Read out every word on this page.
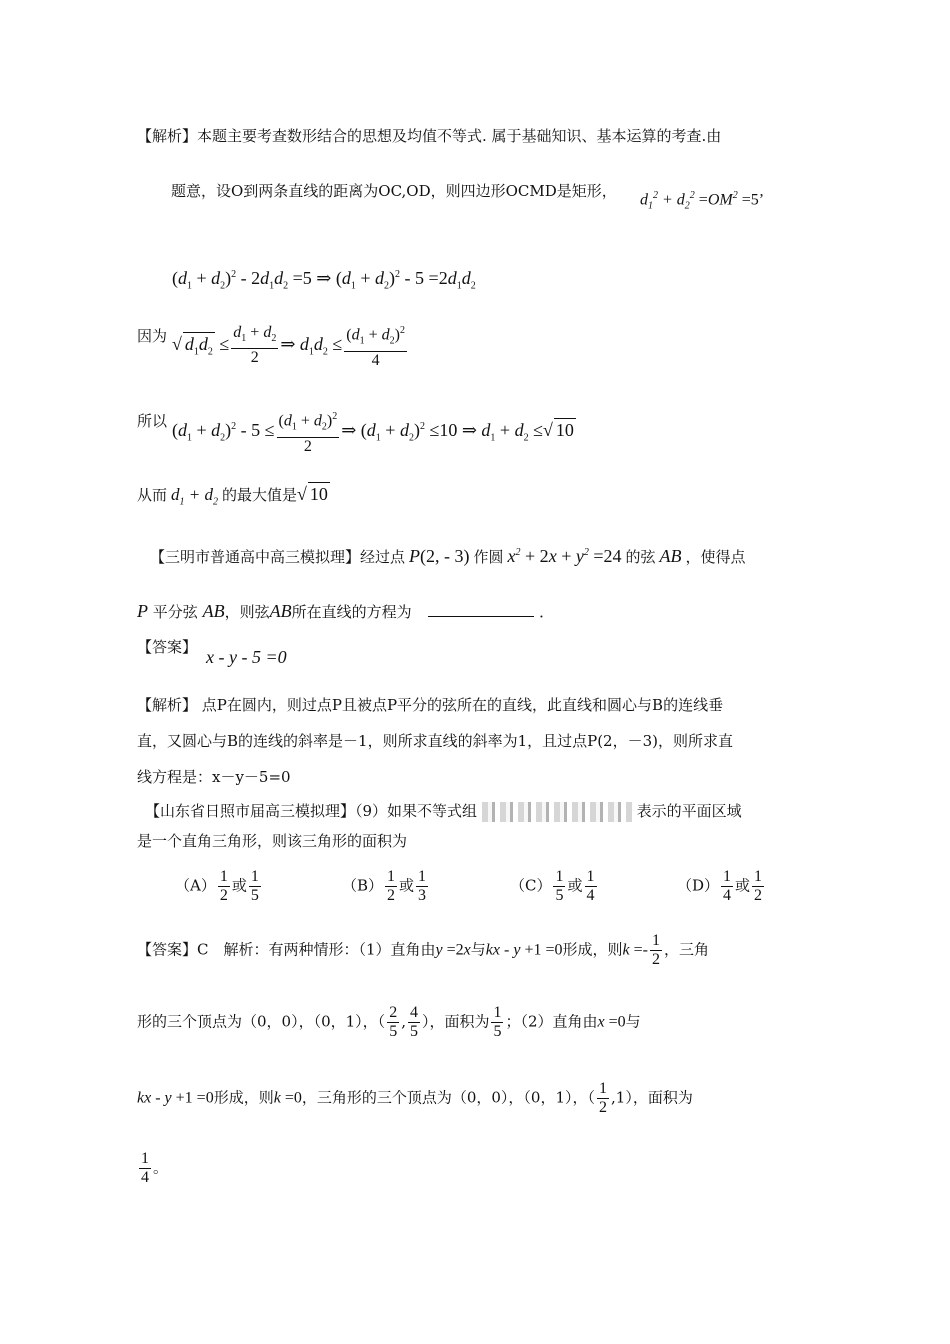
【解析】本题主要考查数形结合的思想及均值不等式. 属于基础知识、基本运算的考查.由
题意，设O到两条直线的距离为OC,OD，则四边形OCMD是矩形， $d_1^2 + d_2^2 =OM^2 =5$’
$(d_1 + d_2)^2 - 2d_1d_2 =5$ ⇒ $(d_1 + d_2)^2 - 5 =2d_1d_2$
因为 √ $d_1d_2 \le \frac{d_1 + d_2}{2}$ ⇒ $d_1d_2 \le \frac{(d_1 + d_2)^2}{4}$
所以 $(d_1 + d_2)^2 - 5 \le \frac{(d_1 + d_2)^2}{2}$ ⇒ $(d_1 + d_2)^2 \le 10$ ⇒ $d_1 + d_2$ ≤√ 10
从而 $d_1 + d_2$ 的最大值是√ 10
【三明市普通高中高三模拟理】经过点 P(2, - 3) 作圆 $x^2 + 2x + y^2 =24$ 的弦 AB ，使得点
P 平分弦 AB，则弦AB所在直线的方程为	．
【答案】 x - y - 5 =0
【解析】 点P在圆内，则过点P且被点P平分的弦所在的直线，此直线和圆心与B的连线垂
直，又圆心与B的连线的斜率是－1，则所求直线的斜率为1，且过点P(2，－3)，则所求直
线方程是：x－y－5=0
【山东省日照市届高三模拟理】（9）如果不等式组	表示的平面区域
是一个直角三角形，则该三角形的面积为
$(A) \frac{1}{2}$ 或 $\frac{1}{5}$	$(B) \frac{1}{2}$ 或 $\frac{1}{3}$	$(C) \frac{1}{5}$ 或 $\frac{1}{4}$	$(D) \frac{1}{4}$ 或 $\frac{1}{2}$
【答案】C　解析：有两种情形：（1）直角由y =2x与kx - y +1 =0形成，则$k =- \frac{1}{2}$ ，三角
形的三个顶点为（0，0），（0，1），（ $\frac{2}{5}$ , $\frac{4}{5}$ ），面积为 $\frac{1}{5}$ ；（2）直角由x =0与
kx - y +1 =0形成，则k =0，三角形的三个顶点为（0，0），（0，1），（ $\frac{1}{2} ,1$），面积为
$\frac{1}{4}$ 。
